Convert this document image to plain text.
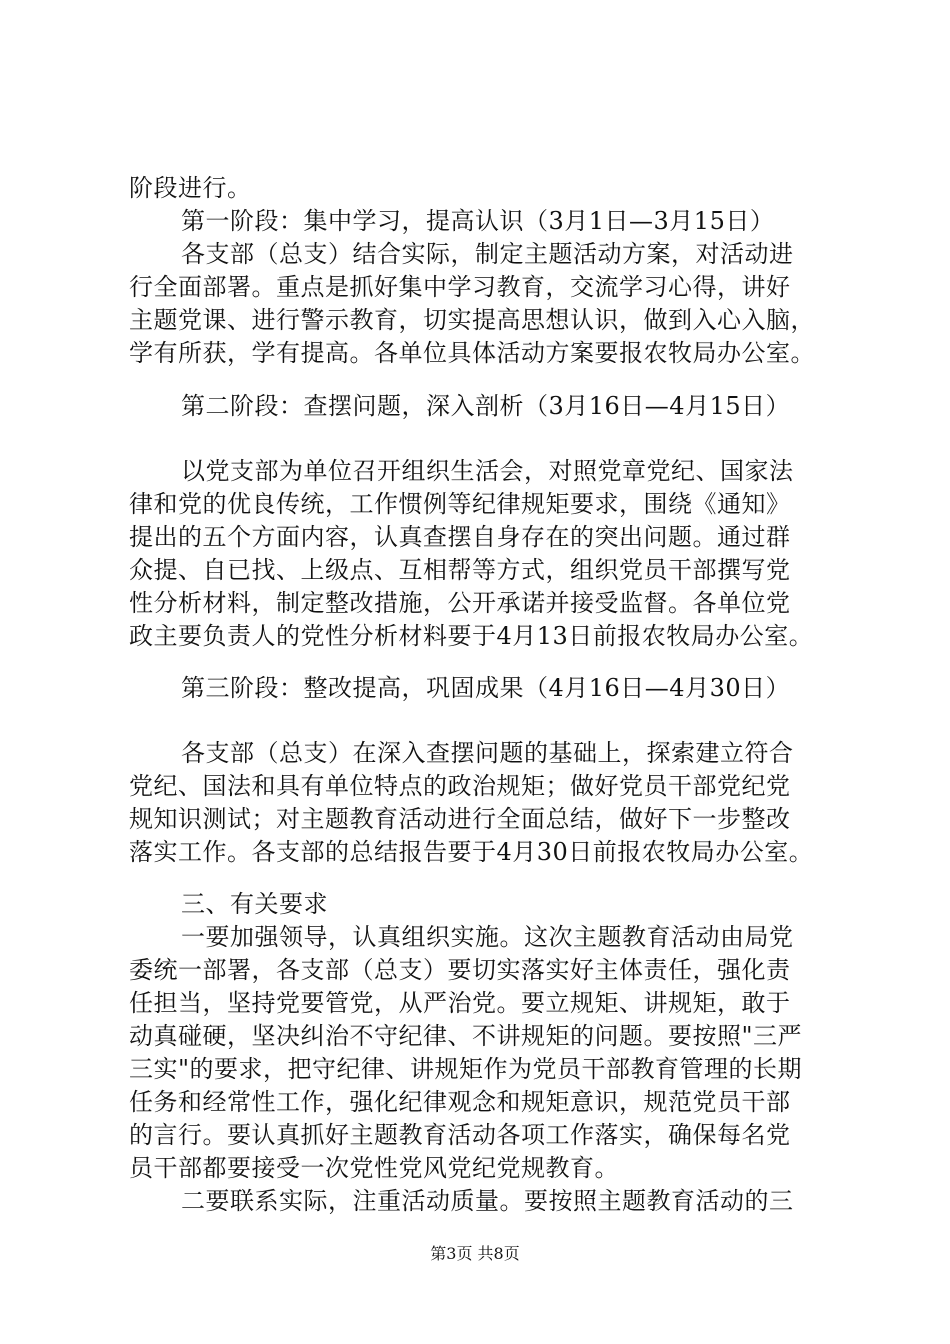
阶段进行。
第一阶段：集中学习，提高认识（3月1日—3月15日）
各支部（总支）结合实际，制定主题活动方案，对活动进
行全面部署。重点是抓好集中学习教育，交流学习心得，讲好
主题党课、进行警示教育，切实提高思想认识，做到入心入脑，
学有所获，学有提高。各单位具体活动方案要报农牧局办公室。
第二阶段：查摆问题，深入剖析（3月16日—4月15日）
以党支部为单位召开组织生活会，对照党章党纪、国家法
律和党的优良传统，工作惯例等纪律规矩要求，围绕《通知》
提出的五个方面内容，认真查摆自身存在的突出问题。通过群
众提、自已找、上级点、互相帮等方式，组织党员干部撰写党
性分析材料，制定整改措施，公开承诺并接受监督。各单位党
政主要负责人的党性分析材料要于4月13日前报农牧局办公室。
第三阶段：整改提高，巩固成果（4月16日—4月30日）
各支部（总支）在深入查摆问题的基础上，探索建立符合
党纪、国法和具有单位特点的政治规矩；做好党员干部党纪党
规知识测试；对主题教育活动进行全面总结，做好下一步整改
落实工作。各支部的总结报告要于4月30日前报农牧局办公室。
三、有关要求
一要加强领导，认真组织实施。这次主题教育活动由局党
委统一部署，各支部（总支）要切实落实好主体责任，强化责
任担当，坚持党要管党，从严治党。要立规矩、讲规矩，敢于
动真碰硬，坚决纠治不守纪律、不讲规矩的问题。要按照"三严
三实"的要求，把守纪律、讲规矩作为党员干部教育管理的长期
任务和经常性工作，强化纪律观念和规矩意识，规范党员干部
的言行。要认真抓好主题教育活动各项工作落实，确保每名党
员干部都要接受一次党性党风党纪党规教育。
二要联系实际，注重活动质量。要按照主题教育活动的三
第3页 共8页
